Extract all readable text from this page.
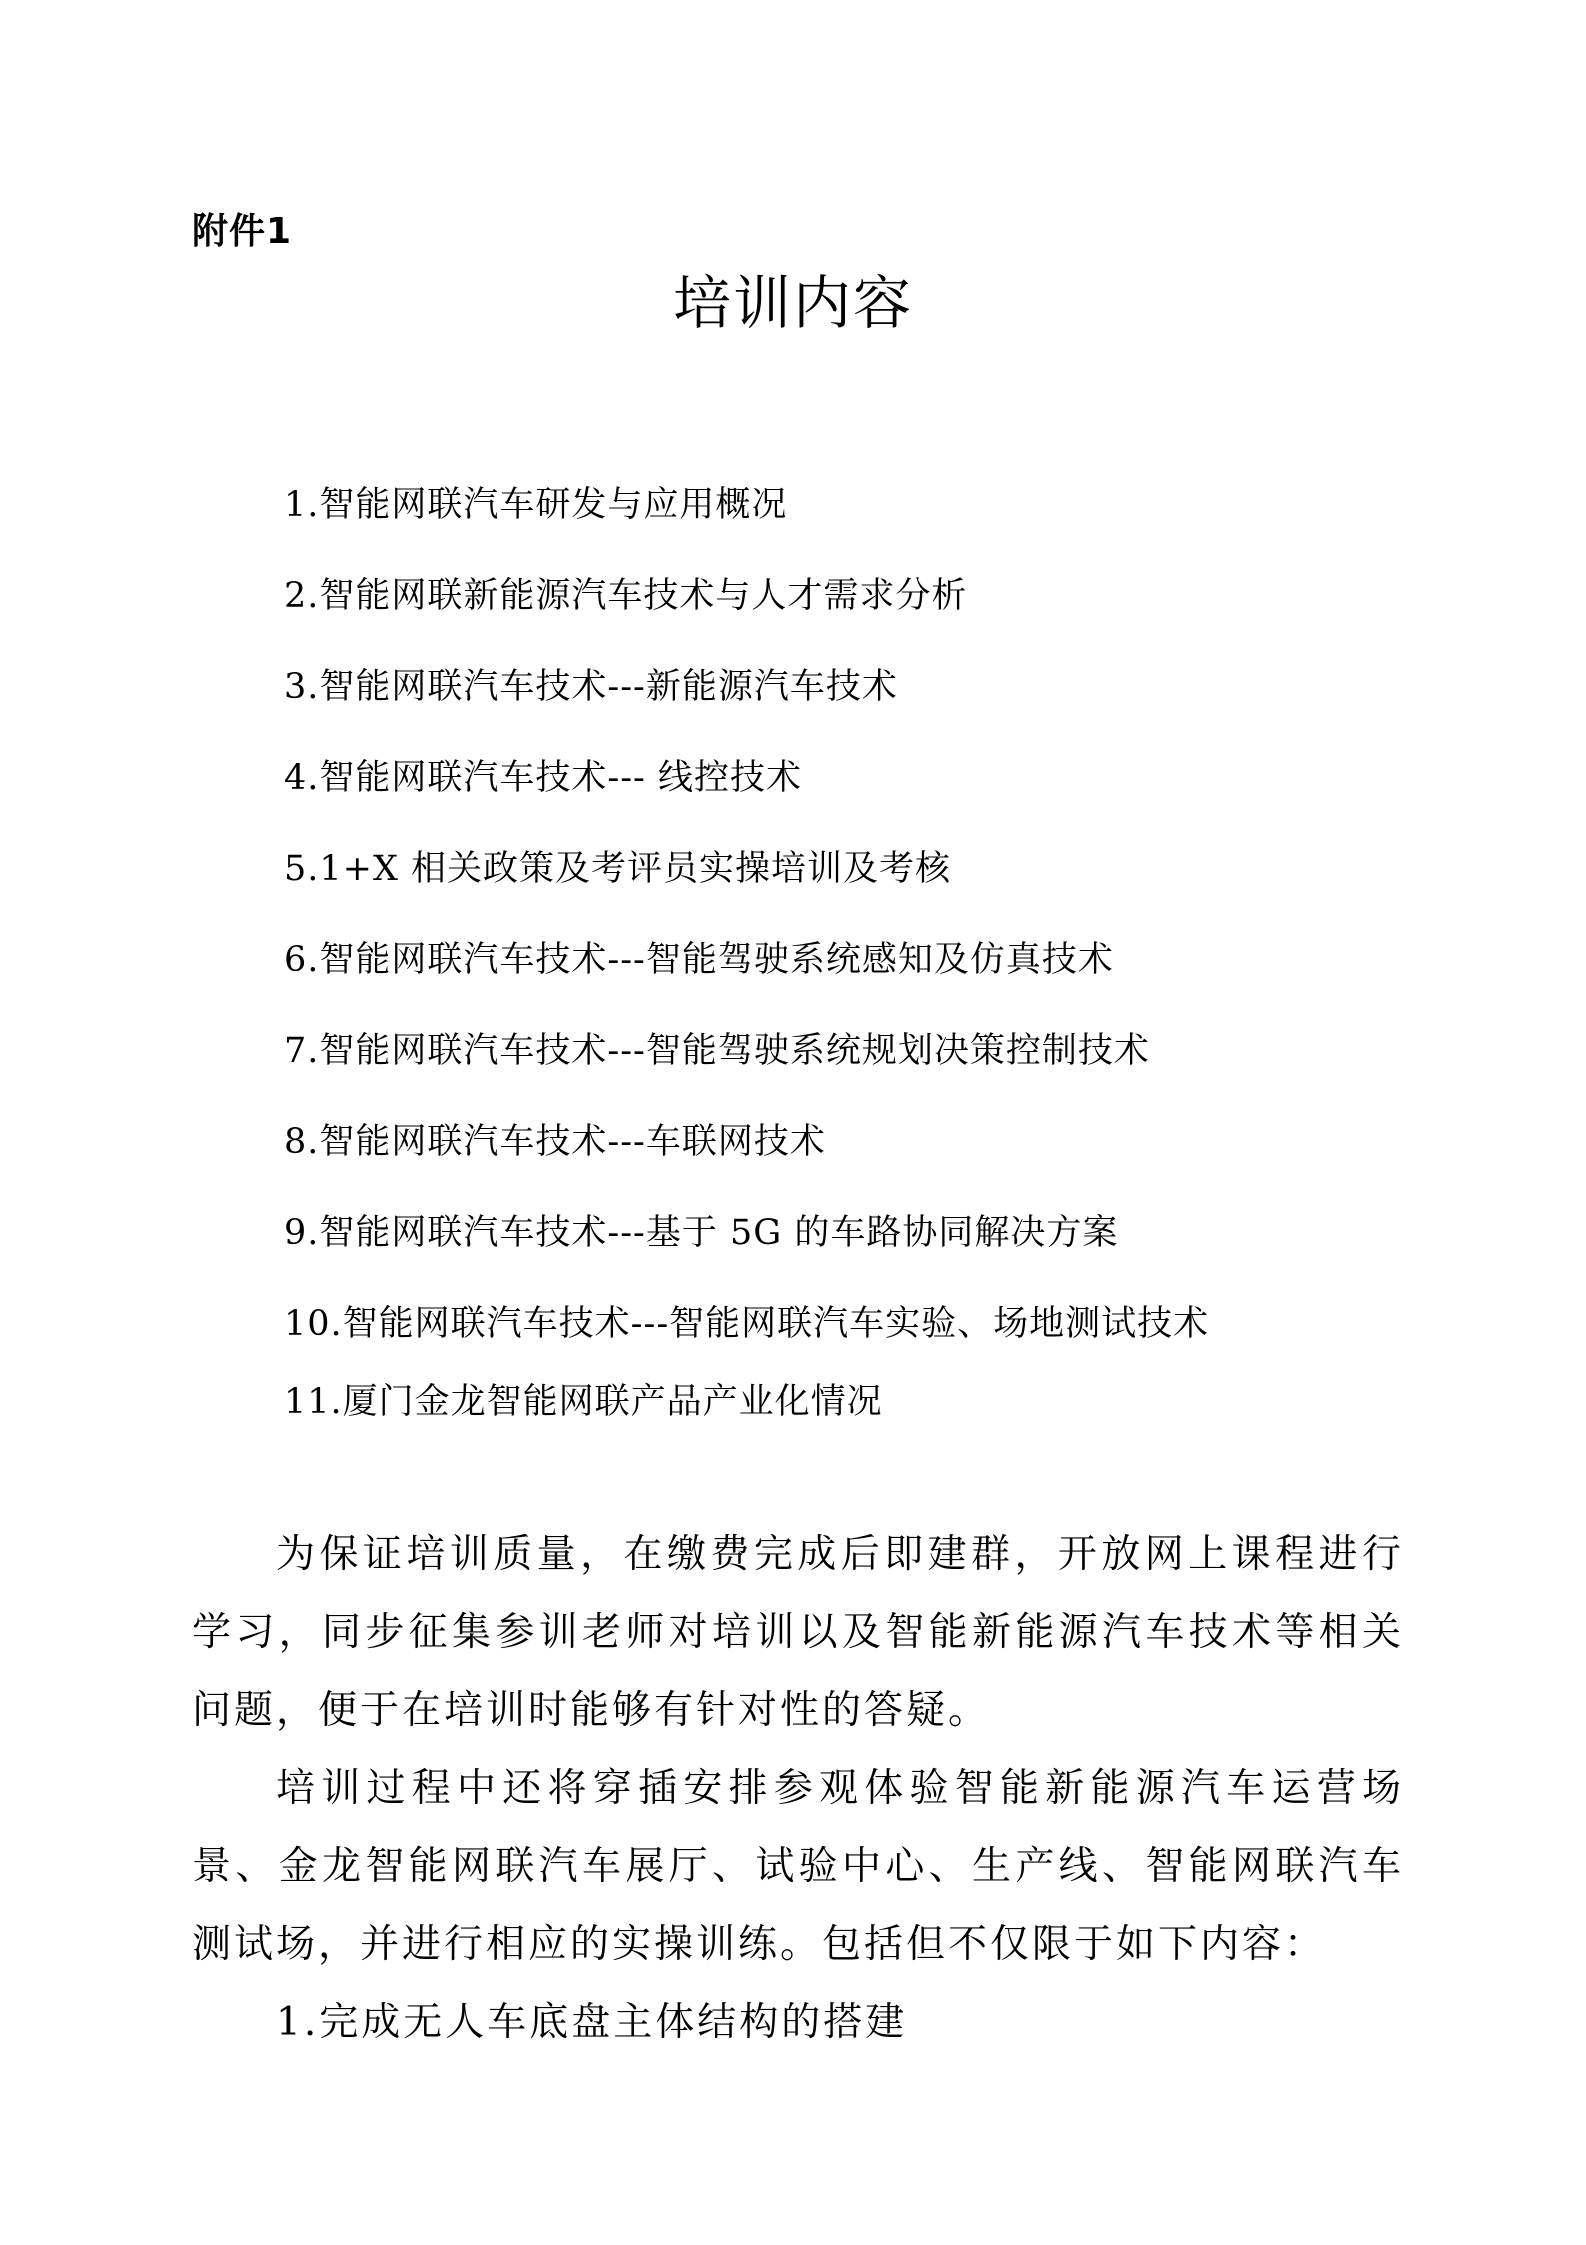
附件1
培训内容
1.智能网联汽车研发与应用概况
2.智能网联新能源汽车技术与人才需求分析
3.智能网联汽车技术---新能源汽车技术
4.智能网联汽车技术--- 线控技术
5.1+X 相关政策及考评员实操培训及考核
6.智能网联汽车技术---智能驾驶系统感知及仿真技术
7.智能网联汽车技术---智能驾驶系统规划决策控制技术
8.智能网联汽车技术---车联网技术
9.智能网联汽车技术---基于 5G 的车路协同解决方案
10.智能网联汽车技术---智能网联汽车实验、场地测试技术
11.厦门金龙智能网联产品产业化情况

为保证培训质量，在缴费完成后即建群，开放网上课程进行学习，同步征集参训老师对培训以及智能新能源汽车技术等相关问题，便于在培训时能够有针对性的答疑。

培训过程中还将穿插安排参观体验智能新能源汽车运营场景、金龙智能网联汽车展厅、试验中心、生产线、智能网联汽车测试场，并进行相应的实操训练。包括但不仅限于如下内容：

1.完成无人车底盘主体结构的搭建
